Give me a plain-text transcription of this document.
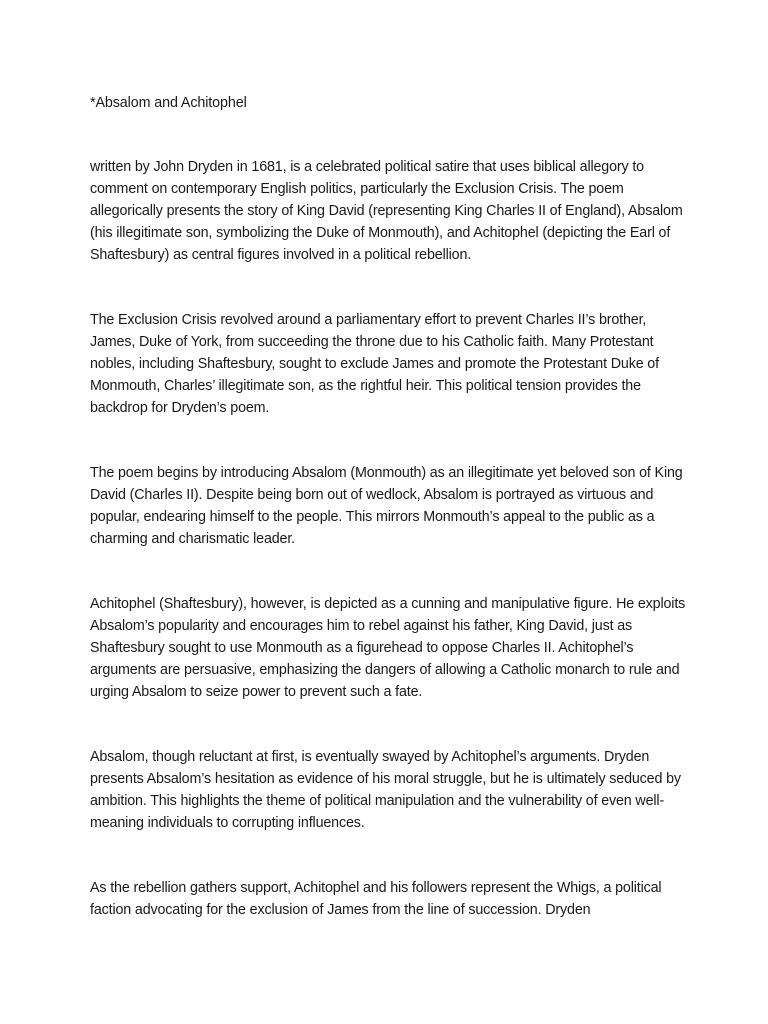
*Absalom and Achitophel

written by John Dryden in 1681, is a celebrated political satire that uses biblical allegory to comment on contemporary English politics, particularly the Exclusion Crisis. The poem allegorically presents the story of King David (representing King Charles II of England), Absalom (his illegitimate son, symbolizing the Duke of Monmouth), and Achitophel (depicting the Earl of Shaftesbury) as central figures involved in a political rebellion.

The Exclusion Crisis revolved around a parliamentary effort to prevent Charles II’s brother, James, Duke of York, from succeeding the throne due to his Catholic faith. Many Protestant nobles, including Shaftesbury, sought to exclude James and promote the Protestant Duke of Monmouth, Charles’ illegitimate son, as the rightful heir. This political tension provides the backdrop for Dryden’s poem.

The poem begins by introducing Absalom (Monmouth) as an illegitimate yet beloved son of King David (Charles II). Despite being born out of wedlock, Absalom is portrayed as virtuous and popular, endearing himself to the people. This mirrors Monmouth’s appeal to the public as a charming and charismatic leader.

Achitophel (Shaftesbury), however, is depicted as a cunning and manipulative figure. He exploits Absalom’s popularity and encourages him to rebel against his father, King David, just as Shaftesbury sought to use Monmouth as a figurehead to oppose Charles II. Achitophel’s arguments are persuasive, emphasizing the dangers of allowing a Catholic monarch to rule and urging Absalom to seize power to prevent such a fate.

Absalom, though reluctant at first, is eventually swayed by Achitophel’s arguments. Dryden presents Absalom’s hesitation as evidence of his moral struggle, but he is ultimately seduced by ambition. This highlights the theme of political manipulation and the vulnerability of even well-meaning individuals to corrupting influences.

As the rebellion gathers support, Achitophel and his followers represent the Whigs, a political faction advocating for the exclusion of James from the line of succession. Dryden
